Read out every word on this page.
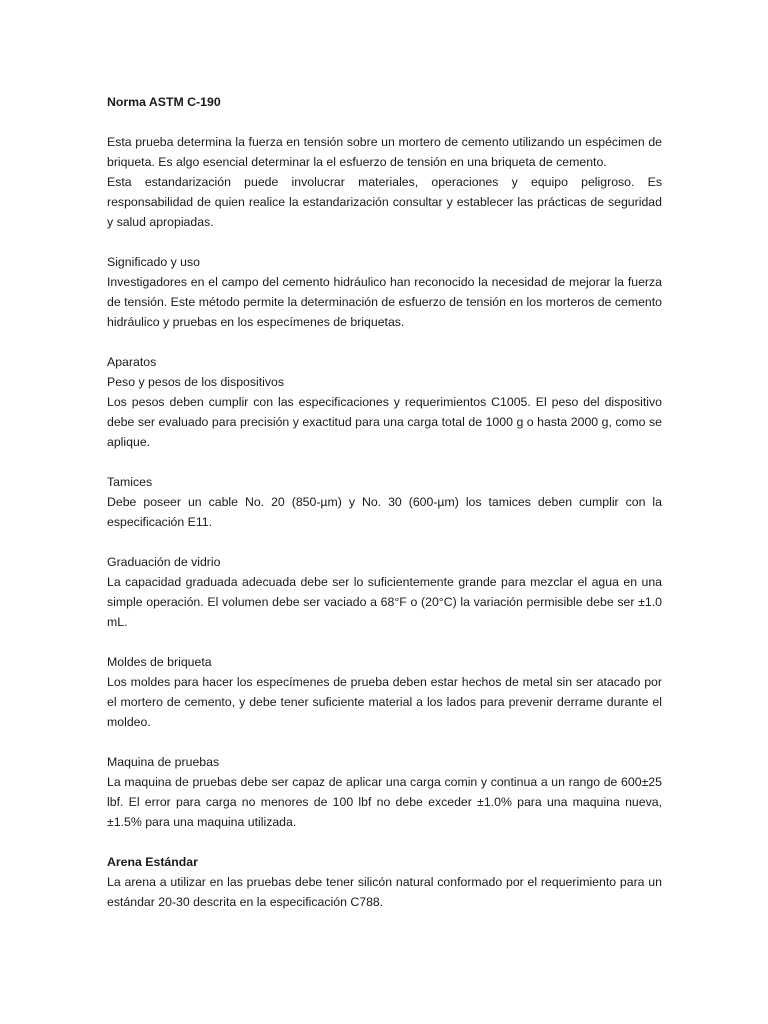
Norma ASTM C-190

Esta prueba determina la fuerza en tensión sobre un mortero de cemento utilizando un espécimen de briqueta. Es algo esencial determinar la el esfuerzo de tensión en una briqueta de cemento.

Esta estandarización puede involucrar materiales, operaciones y equipo peligroso. Es responsabilidad de quien realice la estandarización consultar y establecer las prácticas de seguridad y salud apropiadas.

Significado y uso

Investigadores en el campo del cemento hidráulico han reconocido la necesidad de mejorar la fuerza de tensión. Este método permite la determinación de esfuerzo de tensión en los morteros de cemento hidráulico y pruebas en los especímenes de briquetas.

Aparatos
Peso y pesos de los dispositivos

Los pesos deben cumplir con las especificaciones y requerimientos C1005. El peso del dispositivo debe ser evaluado para precisión y exactitud para una carga total de 1000 g o hasta 2000 g, como se aplique.

Tamices

Debe poseer un cable No. 20 (850-µm) y No. 30 (600-µm) los tamices deben cumplir con la especificación E11.

Graduación de vidrio

La capacidad graduada adecuada debe ser lo suficientemente grande para mezclar el agua en una simple operación. El volumen debe ser vaciado a 68°F o (20°C) la variación permisible debe ser ±1.0 mL.

Moldes de briqueta

Los moldes para hacer los especímenes de prueba deben estar hechos de metal sin ser atacado por el mortero de cemento, y debe tener suficiente material a los lados para prevenir derrame durante el moldeo.

Maquina de pruebas

La maquina de pruebas debe ser capaz de aplicar una carga comin y continua a un rango de 600±25 lbf. El error para carga no menores de 100 lbf no debe exceder ±1.0% para una maquina nueva, ±1.5% para una maquina utilizada.

Arena Estándar

La arena a utilizar en las pruebas debe tener silicón natural conformado por el requerimiento para un estándar 20-30 descrita en la especificación C788.
